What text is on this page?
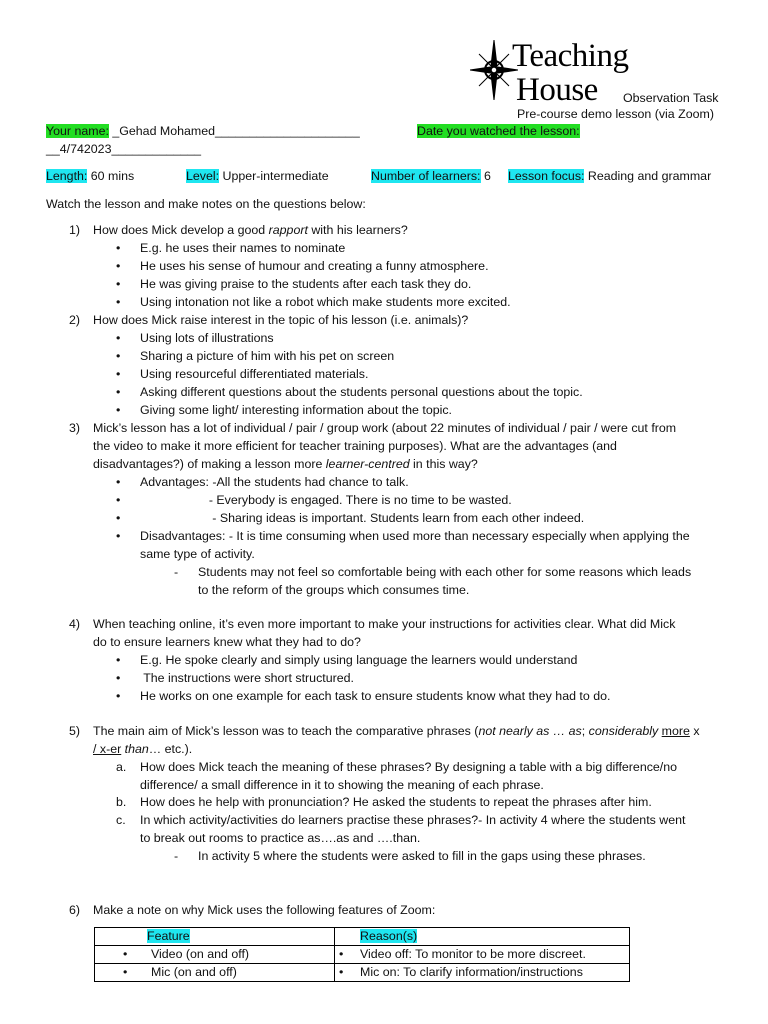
Teaching
House Observation Task
Pre-course demo lesson (via Zoom)
Your name: _Gehad Mohamed_____________________	Date you watched the lesson:
__4/742023_____________
Length: 60 mins	Level: Upper-intermediate	Number of learners: 6 Lesson focus: Reading and grammar
Watch the lesson and make notes on the questions below:
1) How does Mick develop a good rapport with his learners?
• E.g. he uses their names to nominate
• He uses his sense of humour and creating a funny atmosphere.
• He was giving praise to the students after each task they do.
• Using intonation not like a robot which make students more excited.
2) How does Mick raise interest in the topic of his lesson (i.e. animals)?
• Using lots of illustrations
• Sharing a picture of him with his pet on screen
• Using resourceful differentiated materials.
• Asking different questions about the students personal questions about the topic.
• Giving some light/ interesting information about the topic.
3) Mick’s lesson has a lot of individual / pair / group work (about 22 minutes of individual / pair / were cut from
the video to make it more efficient for teacher training purposes). What are the advantages (and
disadvantages?) of making a lesson more learner-centred in this way?
• Advantages: -All the students had chance to talk.
• - Everybody is engaged. There is no time to be wasted.
• - Sharing ideas is important. Students learn from each other indeed.
• Disadvantages: - It is time consuming when used more than necessary especially when applying the
same type of activity.
- Students may not feel so comfortable being with each other for some reasons which leads
to the reform of the groups which consumes time.
4) When teaching online, it’s even more important to make your instructions for activities clear. What did Mick
do to ensure learners knew what they had to do?
• E.g. He spoke clearly and simply using language the learners would understand
• The instructions were short structured.
• He works on one example for each task to ensure students know what they had to do.
5) The main aim of Mick’s lesson was to teach the comparative phrases (not nearly as … as; considerably more x
/ x-er than… etc.).
a. How does Mick teach the meaning of these phrases? By designing a table with a big difference/no
difference/ a small difference in it to showing the meaning of each phrase.
b. How does he help with pronunciation? He asked the students to repeat the phrases after him.
c. In which activity/activities do learners practise these phrases?- In activity 4 where the students went
to break out rooms to practice as….as and ….than.
- In activity 5 where the students were asked to fill in the gaps using these phrases.
6) Make a note on why Mick uses the following features of Zoom:
Feature	Reason(s)
• Video (on and off)	• Video off: To monitor to be more discreet.
• Mic (on and off)	• Mic on: To clarify information/instructions
